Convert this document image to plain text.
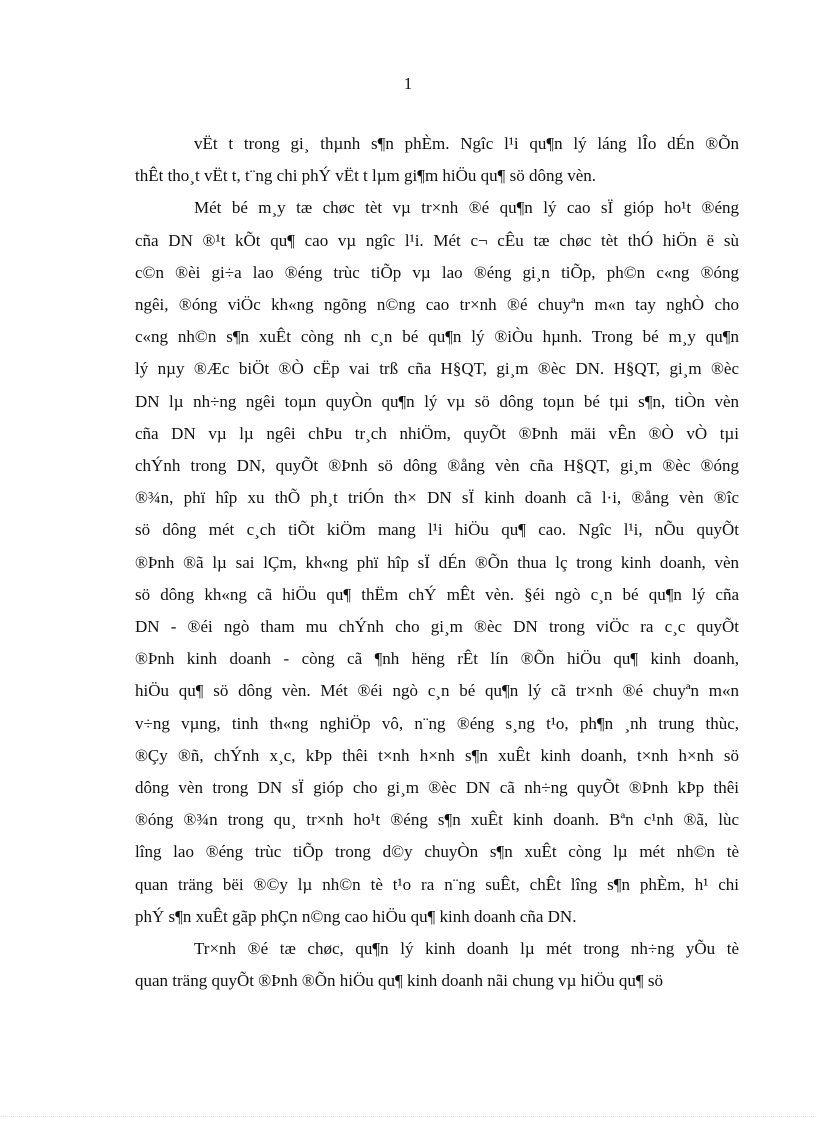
1
vËt t trong gi¸ thµnh s¶n phÈm. Ngîc l¹i qu¶n lý láng lÎo dÉn ®Õn
thÊt tho¸t vËt t, t¨ng chi phÝ vËt t lµm gi¶m hiÖu qu¶ sö dông vèn.
Mét bé m¸y tæ chøc tèt vµ tr×nh ®é qu¶n lý cao sÏ gióp ho¹t ®éng
cña DN ®¹t kÕt qu¶ cao vµ ngîc l¹i. Mét c¬ cÊu tæ chøc tèt thÓ hiÖn ë sù
c©n ®èi gi÷a lao ®éng trùc tiÕp vµ lao ®éng gi¸n tiÕp, ph©n c«ng ®óng
ngêi, ®óng viÖc kh«ng ngõng n©ng cao tr×nh ®é chuyªn m«n tay nghÒ cho
c«ng nh©n s¶n xuÊt còng nh c¸n bé qu¶n lý ®iÒu hµnh. Trong bé m¸y qu¶n
lý nµy ®Æc biÖt ®Ò cËp vai trß cña H§QT, gi¸m ®èc DN. H§QT, gi¸m ®èc
DN lµ nh÷ng ngêi toµn quyÒn qu¶n lý vµ sö dông toµn bé tµi s¶n, tiÒn vèn
cña DN vµ lµ ngêi chÞu tr¸ch nhiÖm, quyÕt ®Þnh mäi vÊn ®Ò vÒ tµi
chÝnh trong DN, quyÕt ®Þnh sö dông ®ång vèn cña H§QT, gi¸m ®èc ®óng
®¾n, phï hîp xu thÕ ph¸t triÓn th× DN sÏ kinh doanh cã l·i, ®ång vèn ®îc
sö dông mét c¸ch tiÕt kiÖm mang l¹i hiÖu qu¶ cao. Ngîc l¹i, nÕu quyÕt
®Þnh ®ã lµ sai lÇm, kh«ng phï hîp sÏ dÉn ®Õn thua lç trong kinh doanh, vèn
sö dông kh«ng cã hiÖu qu¶ thËm chÝ mÊt vèn. §éi ngò c¸n bé qu¶n lý cña
DN - ®éi ngò tham mu chÝnh cho gi¸m ®èc DN trong viÖc ra c¸c quyÕt
®Þnh kinh doanh - còng cã ¶nh hëng rÊt lín ®Õn hiÖu qu¶ kinh doanh,
hiÖu qu¶ sö dông vèn. Mét ®éi ngò c¸n bé qu¶n lý cã tr×nh ®é chuyªn m«n
v÷ng vµng, tinh th«ng nghiÖp vô, n¨ng ®éng s¸ng t¹o, ph¶n ¸nh trung thùc,
®Çy ®ñ, chÝnh x¸c, kÞp thêi t×nh h×nh s¶n xuÊt kinh doanh, t×nh h×nh sö
dông vèn trong DN sÏ gióp cho gi¸m ®èc DN cã nh÷ng quyÕt ®Þnh kÞp thêi
®óng ®¾n trong qu¸ tr×nh ho¹t ®éng s¶n xuÊt kinh doanh. Bªn c¹nh ®ã, lùc
lîng lao ®éng trùc tiÕp trong d©y chuyÒn s¶n xuÊt còng lµ mét nh©n tè
quan träng bëi ®©y lµ nh©n tè t¹o ra n¨ng suÊt, chÊt lîng s¶n phÈm, h¹ chi
phÝ s¶n xuÊt gãp phÇn n©ng cao hiÖu qu¶ kinh doanh cña DN.
Tr×nh ®é tæ chøc, qu¶n lý kinh doanh lµ mét trong nh÷ng yÕu tè
quan träng quyÕt ®Þnh ®Õn hiÖu qu¶ kinh doanh nãi chung vµ hiÖu qu¶ sö
